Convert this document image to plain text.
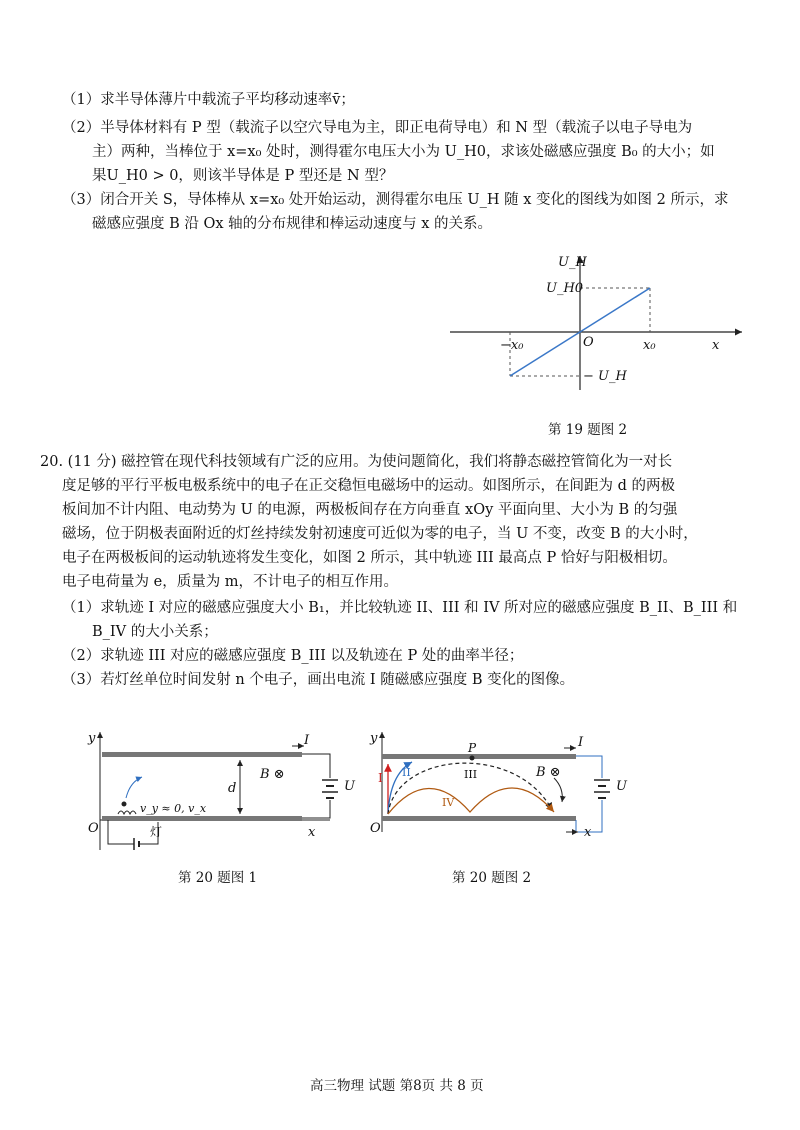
（1）求半导体薄片中载流子平均移动速率v̄；
（2）半导体材料有 P 型（载流子以空穴导电为主，即正电荷导电）和 N 型（载流子以电子导电为
主）两种，当棒位于 x=x₀ 处时，测得霍尔电压大小为 U_H0，求该处磁感应强度 B₀ 的大小；如
果U_H0 > 0，则该半导体是 P 型还是 N 型？
（3）闭合开关 S，导体棒从 x=x₀ 处开始运动，测得霍尔电压 U_H 随 x 变化的图线为如图 2 所示，求
磁感应强度 B 沿 Ox 轴的分布规律和棒运动速度与 x 的关系。
U_H
U_H0
− U_H
−x₀	O	x₀	x
第 19 题图 2
20. (11 分) 磁控管在现代科技领域有广泛的应用。为使问题简化，我们将静态磁控管简化为一对长
度足够的平行平板电极系统中的电子在正交稳恒电磁场中的运动。如图所示，在间距为 d 的两极
板间加不计内阻、电动势为 U 的电源，两极板间存在方向垂直 xOy 平面向里、大小为 B 的匀强
磁场，位于阴极表面附近的灯丝持续发射初速度可近似为零的电子，当 U 不变，改变 B 的大小时，
电子在两极板间的运动轨迹将发生变化，如图 2 所示，其中轨迹 III 最高点 P 恰好与阳极相切。
电子电荷量为 e，质量为 m，不计电子的相互作用。
（1）求轨迹 I 对应的磁感应强度大小 B₁，并比较轨迹 II、III 和 IV 所对应的磁感应强度 B_II、B_III 和
B_IV 的大小关系；
（2）求轨迹 III 对应的磁感应强度 B_III 以及轨迹在 P 处的曲率半径；
（3）若灯丝单位时间发射 n 个电子，画出电流 I 随磁感应强度 B 变化的图像。
y
O	x
d
B ⊗
U
I
v_y ≈ 0, v_x
灯
第 20 题图 1
y
O	x
P
B ⊗
U
I
I II	III
IV
第 20 题图 2
高三物理 试题 第8页 共 8 页
